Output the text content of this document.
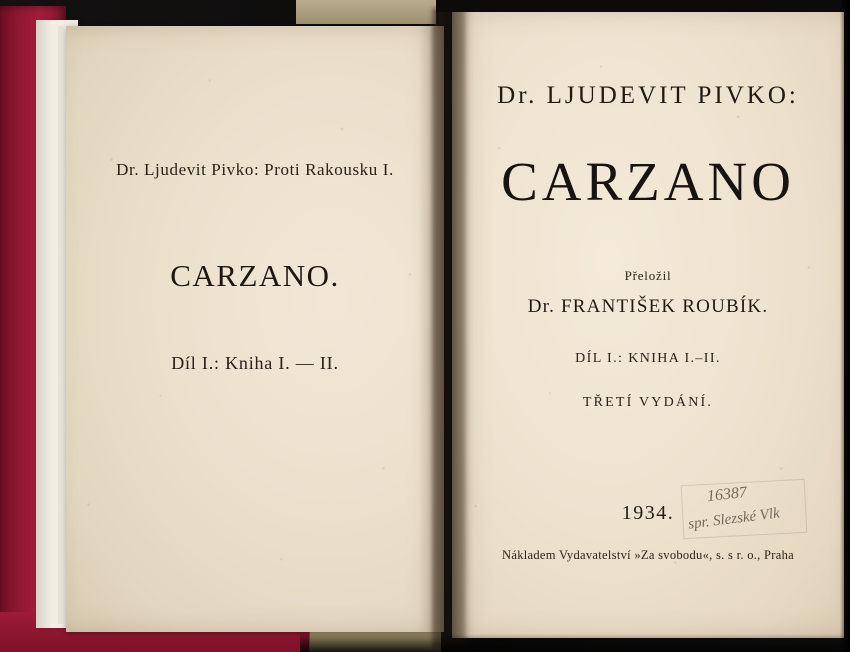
Dr. Ljudevit Pivko: Proti Rakousku I.
CARZANO.
Díl I.: Kniha I. — II.
Dr. LJUDEVIT PIVKO:
CARZANO
Přeložil
Dr. FRANTIŠEK ROUBÍK.
DÍL I.: KNIHA I.–II.
TŘETÍ VYDÁNÍ.
1934.
Nákladem Vydavatelství »Za svobodu«, s. s r. o., Praha
16387
spr. Slezské Vlk
